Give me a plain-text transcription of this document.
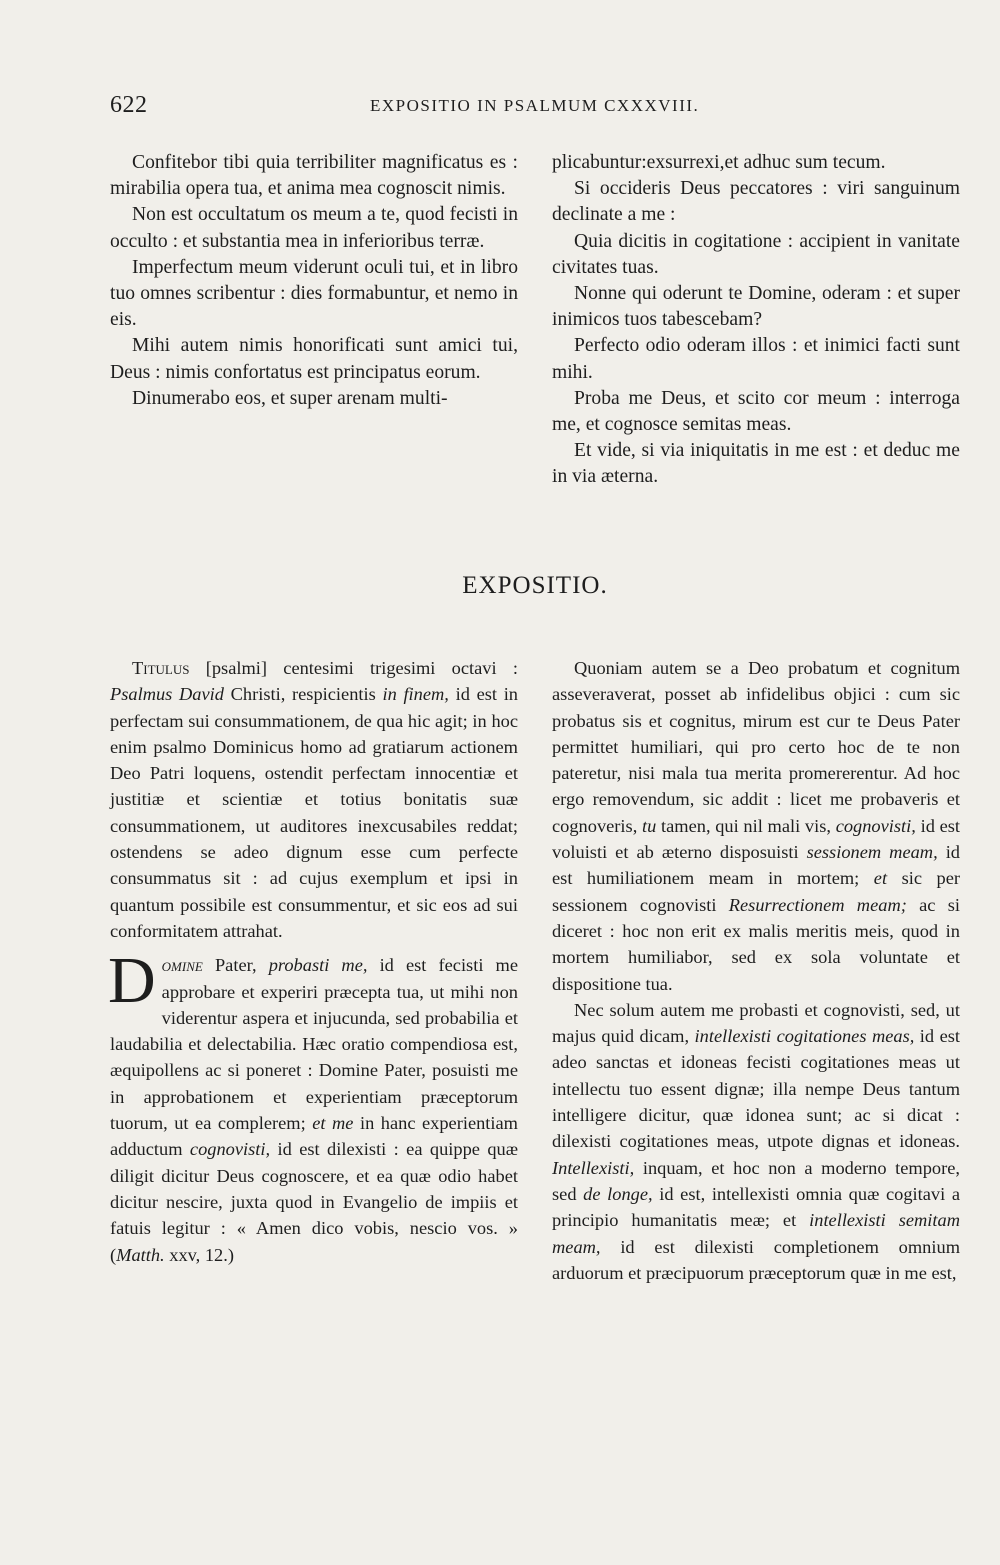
622	EXPOSITIO IN PSALMUM CXXXVIII.

Confitebor tibi quia terribiliter magnificatus es : mirabilia opera tua, et anima mea cognoscit nimis.

Non est occultatum os meum a te, quod fecisti in occulto : et substantia mea in inferioribus terræ.

Imperfectum meum viderunt oculi tui, et in libro tuo omnes scribentur : dies formabuntur, et nemo in eis.

Mihi autem nimis honorificati sunt amici tui, Deus : nimis confortatus est principatus eorum.

Dinumerabo eos, et super arenam multi-

plicabuntur:exsurrexi,et adhuc sum tecum.

Si occideris Deus peccatores : viri sanguinum declinate a me :

Quia dicitis in cogitatione : accipient in vanitate civitates tuas.

Nonne qui oderunt te Domine, oderam : et super inimicos tuos tabescebam?

Perfecto odio oderam illos : et inimici facti sunt mihi.

Proba me Deus, et scito cor meum : interroga me, et cognosce semitas meas.

Et vide, si via iniquitatis in me est : et deduc me in via æterna.

EXPOSITIO.

Titulus [psalmi] centesimi trigesimi octavi : Psalmus David Christi, respicientis in finem, id est in perfectam sui consummationem, de qua hic agit; in hoc enim psalmo Dominicus homo ad gratiarum actionem Deo Patri loquens, ostendit perfectam innocentiæ et justitiæ et scientiæ et totius bonitatis suæ consummationem, ut auditores inexcusabiles reddat; ostendens se adeo dignum esse cum perfecte consummatus sit : ad cujus exemplum et ipsi in quantum possibile est consummentur, et sic eos ad sui conformitatem attrahat.

Domine Pater, probasti me, id est fecisti me approbare et experiri præcepta tua, ut mihi non viderentur aspera et injucunda, sed probabilia et laudabilia et delectabilia. Hæc oratio compendiosa est, æquipollens ac si poneret : Domine Pater, posuisti me in approbationem et experientiam præceptorum tuorum, ut ea complerem; et me in hanc experientiam adductum cognovisti, id est dilexisti : ea quippe quæ diligit dicitur Deus cognoscere, et ea quæ odio habet dicitur nescire, juxta quod in Evangelio de impiis et fatuis legitur : « Amen dico vobis, nescio vos. » (Matth. xxv, 12.)

Quoniam autem se a Deo probatum et cognitum asseveraverat, posset ab infidelibus objici : cum sic probatus sis et cognitus, mirum est cur te Deus Pater permittet humiliari, qui pro certo hoc de te non pateretur, nisi mala tua merita promererentur. Ad hoc ergo removendum, sic addit : licet me probaveris et cognoveris, tu tamen, qui nil mali vis, cognovisti, id est voluisti et ab æterno disposuisti sessionem meam, id est humiliationem meam in mortem; et sic per sessionem cognovisti Resurrectionem meam; ac si diceret : hoc non erit ex malis meritis meis, quod in mortem humiliabor, sed ex sola voluntate et dispositione tua.

Nec solum autem me probasti et cognovisti, sed, ut majus quid dicam, intellexisti cogitationes meas, id est adeo sanctas et idoneas fecisti cogitationes meas ut intellectu tuo essent dignæ; illa nempe Deus tantum intelligere dicitur, quæ idonea sunt; ac si dicat : dilexisti cogitationes meas, utpote dignas et idoneas. Intellexisti, inquam, et hoc non a moderno tempore, sed de longe, id est, intellexisti omnia quæ cogitavi a principio humanitatis meæ; et intellexisti semitam meam, id est dilexisti completionem omnium arduorum et præcipuorum præceptorum quæ in me est,
